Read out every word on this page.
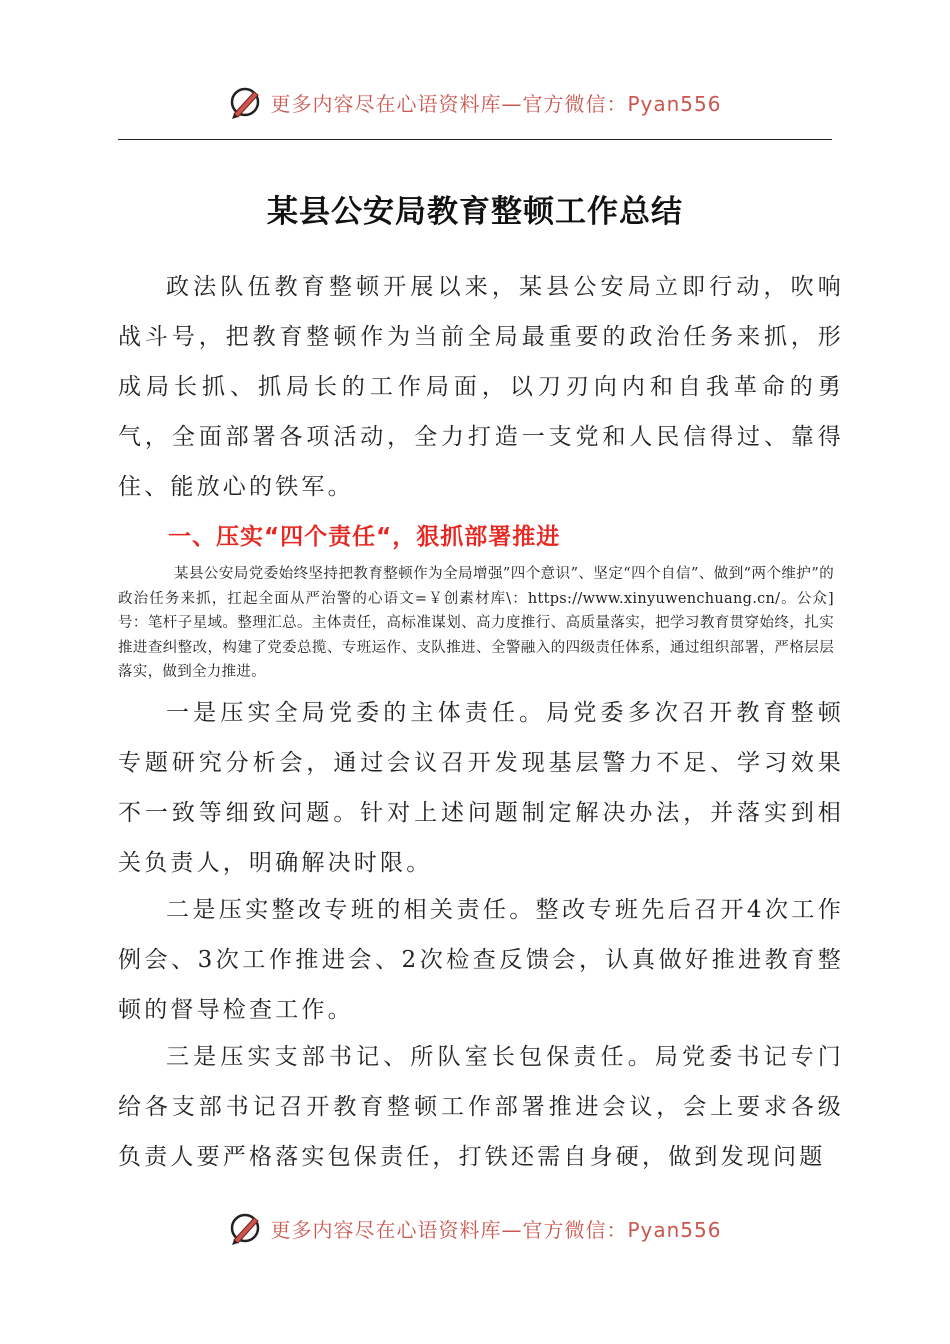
更多内容尽在心语资料库—官方微信：Pyan556
某县公安局教育整顿工作总结

政法队伍教育整顿开展以来，某县公安局立即行动，吹响战斗号，把教育整顿作为当前全局最重要的政治任务来抓，形成局长抓、抓局长的工作局面，以刀刃向内和自我革命的勇气，全面部署各项活动，全力打造一支党和人民信得过、靠得住、能放心的铁军。

一、压实“四个责任“，狠抓部署推进

某县公安局党委始终坚持把教育整顿作为全局增强”四个意识”、坚定“四个自信”、做到“两个维护”的政治任务来抓，扛起全面从严治警的心语文=￥创素材库\：https://www.xinyuwenchuang.cn/。公众]号：笔杆子星域。整理汇总。主体责任，高标准谋划、高力度推行、高质量落实，把学习教育贯穿始终，扎实推进查纠整改，构建了党委总揽、专班运作、支队推进、全警融入的四级责任体系，通过组织部署，严格层层落实，做到全力推进。

一是压实全局党委的主体责任。局党委多次召开教育整顿专题研究分析会，通过会议召开发现基层警力不足、学习效果不一致等细致问题。针对上述问题制定解决办法，并落实到相关负责人，明确解决时限。

二是压实整改专班的相关责任。整改专班先后召开4次工作例会、3次工作推进会、2次检查反馈会，认真做好推进教育整顿的督导检查工作。

三是压实支部书记、所队室长包保责任。局党委书记专门给各支部书记召开教育整顿工作部署推进会议，会上要求各级负责人要严格落实包保责任，打铁还需自身硬，做到发现问题

更多内容尽在心语资料库—官方微信：Pyan556
